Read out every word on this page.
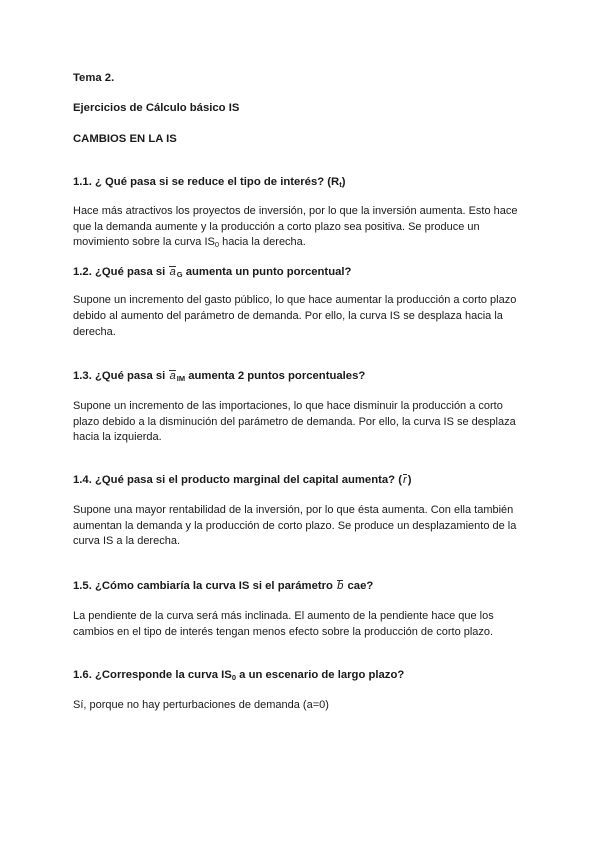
Tema 2.
Ejercicios de Cálculo básico IS
CAMBIOS EN LA IS
1.1. ¿ Qué pasa si se reduce el tipo de interés? $(R_t)$
Hace más atractivos los proyectos de inversión, por lo que la inversión aumenta. Esto hace
que la demanda aumente y la producción a corto plazo sea positiva. Se produce un
movimiento sobre la curva $IS_0$ hacia la derecha.
1.2. ¿Qué pasa si $a_G$ aumenta un punto porcentual?
Supone un incremento del gasto público, lo que hace aumentar la producción a corto plazo
debido al aumento del parámetro de demanda. Por ello, la curva IS se desplaza hacia la
derecha.
1.3. ¿Qué pasa si $a_{IM}$ aumenta 2 puntos porcentuales?
Supone un incremento de las importaciones, lo que hace disminuir la producción a corto
plazo debido a la disminución del parámetro de demanda. Por ello, la curva IS se desplaza
hacia la izquierda.
1.4. ¿Qué pasa si el producto marginal del capital aumenta? (r)
Supone una mayor rentabilidad de la inversión, por lo que ésta aumenta. Con ella también
aumentan la demanda y la producción de corto plazo. Se produce un desplazamiento de la
curva IS a la derecha.
1.5. ¿Cómo cambiaría la curva IS si el parámetro b cae?
La pendiente de la curva será más inclinada. El aumento de la pendiente hace que los
cambios en el tipo de interés tengan menos efecto sobre la producción de corto plazo.
1.6. ¿Corresponde la curva $IS_0$ a un escenario de largo plazo?
Sí, porque no hay perturbaciones de demanda (a=0)
